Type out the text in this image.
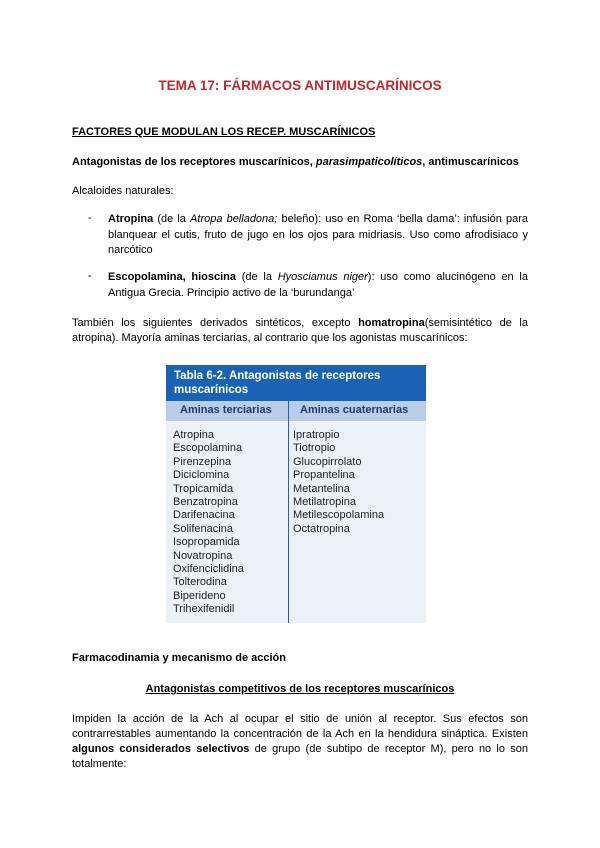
TEMA 17: FÁRMACOS ANTIMUSCARÍNICOS
FACTORES QUE MODULAN LOS RECEP. MUSCARÍNICOS
Antagonistas de los receptores muscarínicos, parasimpaticolíticos, antimuscarínicos
Alcaloides naturales:
- Atropina (de la Atropa belladona; beleño): uso en Roma ‘bella dama’: infusión para blanquear el cutis, fruto de jugo en los ojos para midriasis. Uso como afrodisiaco y narcótico
- Escopolamina, hioscina (de la Hyosciamus niger): uso como alucinógeno en la Antigua Grecia. Principio activo de la ‘burundanga’
También los siguientes derivados sintéticos, excepto homatropina(semisintético de la atropina). Mayoría aminas terciarias, al contrario que los agonistas muscarínicos:
Tabla 6-2. Antagonistas de receptores muscarínicos
Aminas terciarias	Aminas cuaternarias
Atropina
Escopolamina
Pirenzepina
Diciclomina
Tropicamida
Benzatropina
Darifenacina
Solifenacina
Isopropamida
Novatropina
Oxifenciclidina
Tolterodina
Biperideno
Trihexifenidil
Ipratropio
Tiotropio
Glucopirrolato
Propantelina
Metantelina
Metilatropina
Metilescopolamina
Octatropina
Farmacodinamia y mecanismo de acción
Antagonistas competitivos de los receptores muscarínicos
Impiden la acción de la Ach al ocupar el sitio de unión al receptor. Sus efectos son contrarrestables aumentando la concentración de la Ach en la hendidura sináptica. Existen algunos considerados selectivos de grupo (de subtipo de receptor M), pero no lo son totalmente:
